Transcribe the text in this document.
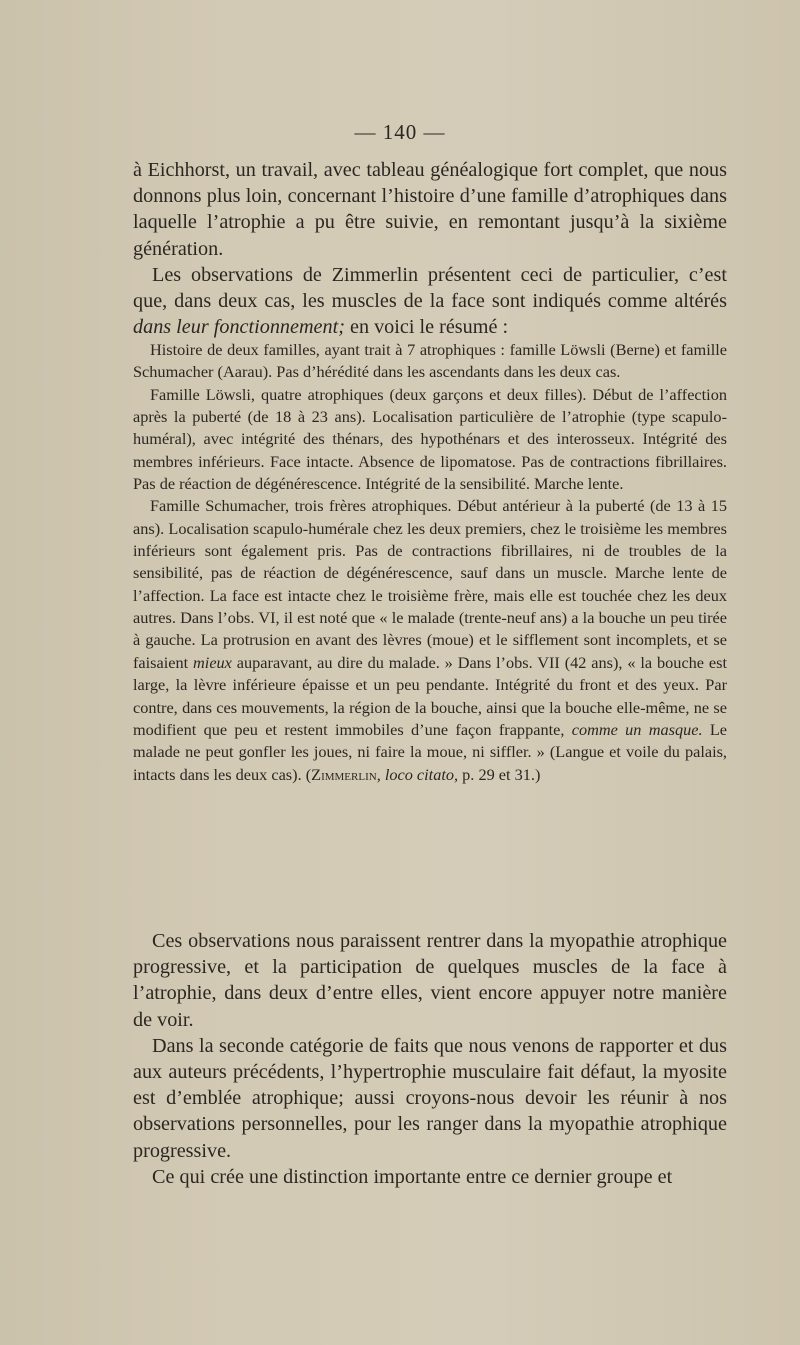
— 140 —

à Eichhorst, un travail, avec tableau généalogique fort complet, que nous donnons plus loin, concernant l’histoire d’une famille d’atrophiques dans laquelle l’atrophie a pu être suivie, en remontant jusqu’à la sixième génération.

Les observations de Zimmerlin présentent ceci de particulier, c’est que, dans deux cas, les muscles de la face sont indiqués comme altérés dans leur fonctionnement; en voici le résumé :

Histoire de deux familles, ayant trait à 7 atrophiques : famille Löwsli (Berne) et famille Schumacher (Aarau). Pas d’hérédité dans les ascendants dans les deux cas.

Famille Löwsli, quatre atrophiques (deux garçons et deux filles). Début de l’affection après la puberté (de 18 à 23 ans). Localisation particulière de l’atrophie (type scapulo-huméral), avec intégrité des thénars, des hypothénars et des interosseux. Intégrité des membres inférieurs. Face intacte. Absence de lipomatose. Pas de contractions fibrillaires. Pas de réaction de dégénérescence. Intégrité de la sensibilité. Marche lente.

Famille Schumacher, trois frères atrophiques. Début antérieur à la puberté (de 13 à 15 ans). Localisation scapulo-humérale chez les deux premiers, chez le troisième les membres inférieurs sont également pris. Pas de contractions fibrillaires, ni de troubles de la sensibilité, pas de réaction de dégénérescence, sauf dans un muscle. Marche lente de l’affection. La face est intacte chez le troisième frère, mais elle est touchée chez les deux autres. Dans l’obs. VI, il est noté que « le malade (trente-neuf ans) a la bouche un peu tirée à gauche. La protrusion en avant des lèvres (moue) et le sifflement sont incomplets, et se faisaient mieux auparavant, au dire du malade. » Dans l’obs. VII (42 ans), « la bouche est large, la lèvre inférieure épaisse et un peu pendante. Intégrité du front et des yeux. Par contre, dans ces mouvements, la région de la bouche, ainsi que la bouche elle-même, ne se modifient que peu et restent immobiles d’une façon frappante, comme un masque. Le malade ne peut gonfler les joues, ni faire la moue, ni siffler. » (Langue et voile du palais, intacts dans les deux cas). (Zimmerlin, loco citato, p. 29 et 31.)

Ces observations nous paraissent rentrer dans la myopathie atrophique progressive, et la participation de quelques muscles de la face à l’atrophie, dans deux d’entre elles, vient encore appuyer notre manière de voir.

Dans la seconde catégorie de faits que nous venons de rapporter et dus aux auteurs précédents, l’hypertrophie musculaire fait défaut, la myosite est d’emblée atrophique; aussi croyons-nous devoir les réunir à nos observations personnelles, pour les ranger dans la myopathie atrophique progressive.

Ce qui crée une distinction importante entre ce dernier groupe et
